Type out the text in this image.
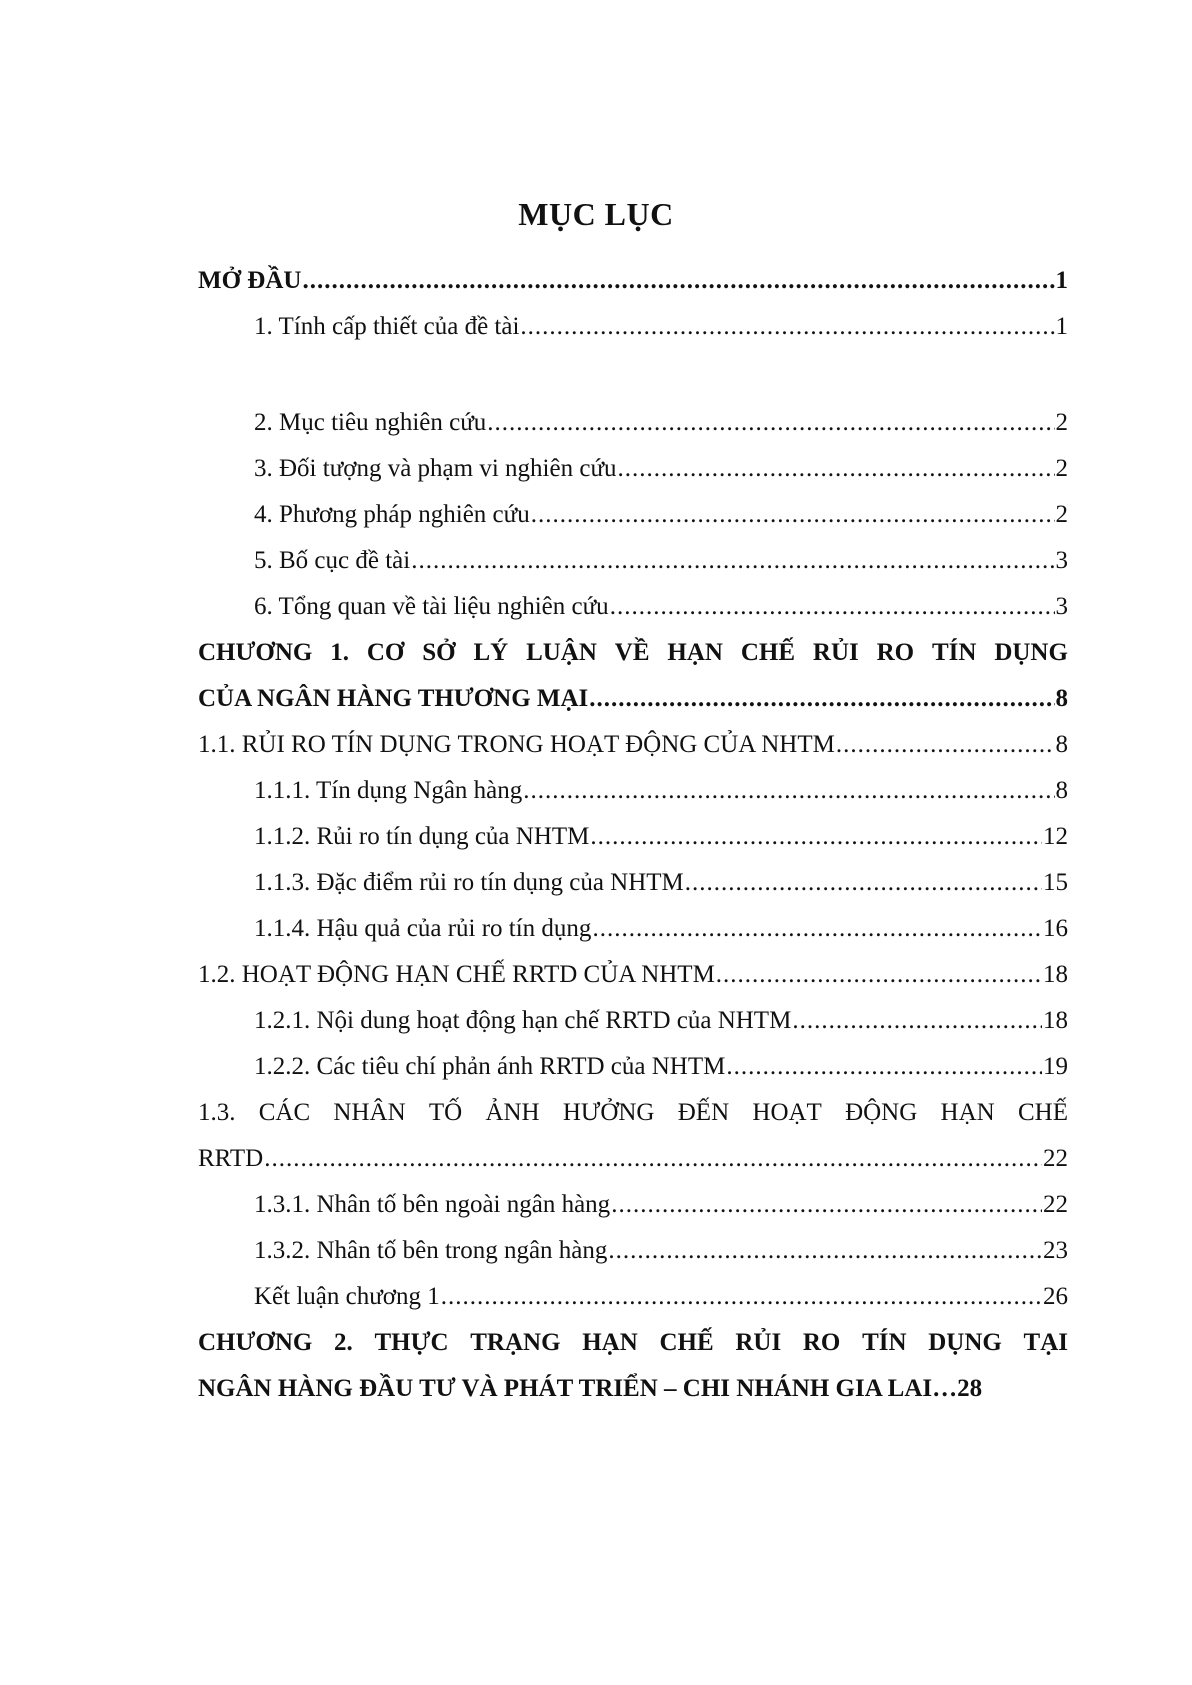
MỤC LỤC
MỞ ĐẦU .....	1
1. Tính cấp thiết của đề tài .....	1
2. Mục tiêu nghiên cứu .....	2
3. Đối tượng và phạm vi nghiên cứu .....	2
4. Phương pháp nghiên cứu .....	2
5. Bố cục đề tài .....	3
6. Tổng quan về tài liệu nghiên cứu .....	3
CHƯƠNG 1. CƠ SỞ LÝ LUẬN VỀ HẠN CHẾ RỦI RO TÍN DỤNG
CỦA NGÂN HÀNG THƯƠNG MẠI .....	8
1.1. RỦI RO TÍN DỤNG TRONG HOẠT ĐỘNG CỦA NHTM .....	8
1.1.1. Tín dụng Ngân hàng .....	8
1.1.2. Rủi ro tín dụng của NHTM .....	12
1.1.3. Đặc điểm rủi ro tín dụng của NHTM .....	15
1.1.4. Hậu quả của rủi ro tín dụng .....	16
1.2. HOẠT ĐỘNG HẠN CHẾ RRTD CỦA NHTM .....	18
1.2.1. Nội dung hoạt động hạn chế RRTD của NHTM .....	18
1.2.2. Các tiêu chí phản ánh RRTD của NHTM .....	19
1.3. CÁC NHÂN TỐ ẢNH HƯỞNG ĐẾN HOẠT ĐỘNG HẠN CHẾ
RRTD .....	22
1.3.1. Nhân tố bên ngoài ngân hàng .....	22
1.3.2. Nhân tố bên trong ngân hàng .....	23
Kết luận chương 1 .....	26
CHƯƠNG 2. THỰC TRẠNG HẠN CHẾ RỦI RO TÍN DỤNG TẠI
NGÂN HÀNG ĐẦU TƯ VÀ PHÁT TRIỂN – CHI NHÁNH GIA LAI…28
